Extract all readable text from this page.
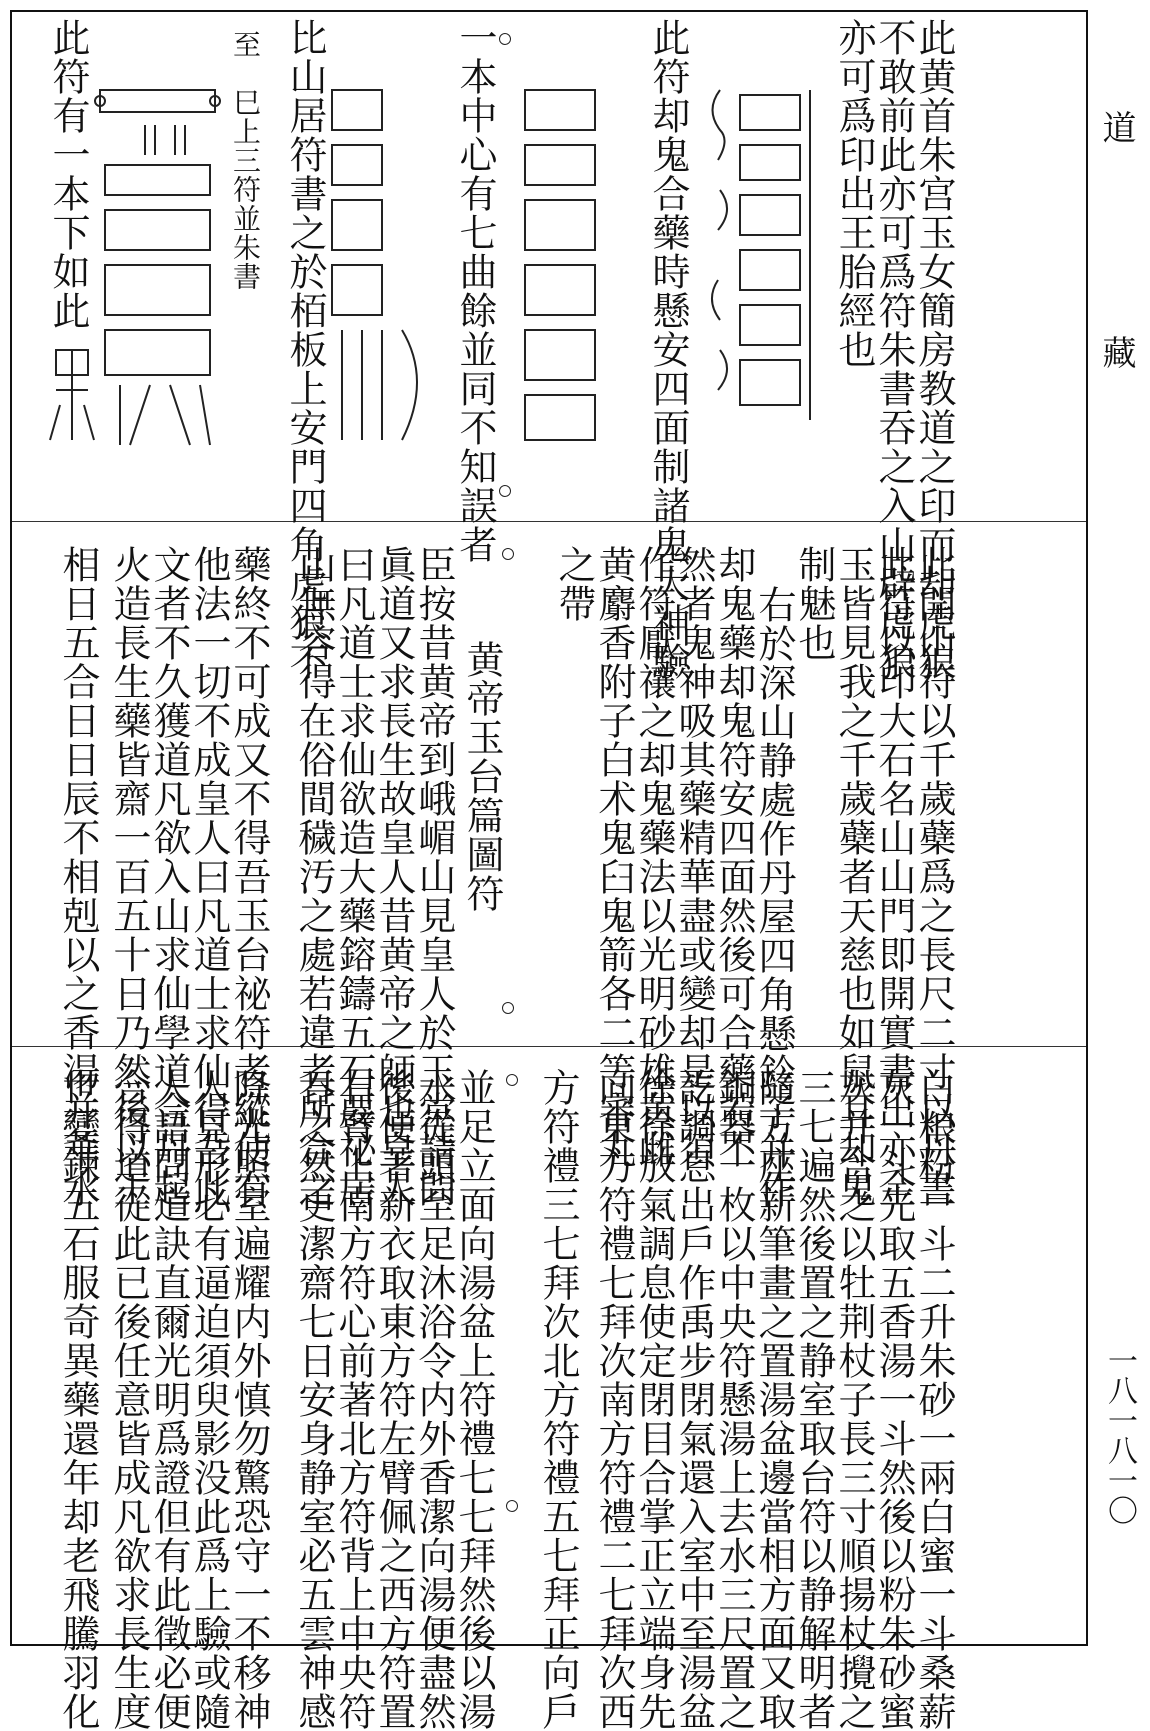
道
藏
一八一八一〇
此黄首朱宫玉女簡房教道之印而却虎狼
不敢前此亦可爲符朱書吞之入山辟虎狼
亦可爲印出王胎經也
此符却鬼合藥時懸安四面制諸鬼大神驗
一本中心有七曲餘並同不知誤者
比山居符書之於栢板上安門四角虎狼不
至　巳上三符並朱書
此符有一本下如此
此開山符以千歲蘗爲之長尺二寸以丹書
此符以印大石名山山門即開實書出亦金
玉皆見我之千歲蘗者天慈也如鼠耳却鬼
制魅也
右於深山静處作丹屋四角懸鈴子并作
却鬼藥却鬼符安四面然後可合藥若不
然者鬼神吸其藥精華盡或變却是以須
作符厭禳之却鬼藥法以光明砂雄黄雌
黄麝香附子白术鬼臼鬼箭各二等審丸
之帶
黄帝玉台篇圖符
臣按昔黄帝到峨嵋山見皇人於玉堂請問
眞道又求長生故皇人昔黄帝之師也皇人
曰凡道士求仙欲造大藥鎔鑄五石要祕居
山無容得在俗間穢汚之處若違者所合之
藥終不可成又不得吾玉台祕符者縱使有
他法一切不成皇人曰凡道士求仙得吾此
文者不久獲道凡欲入山求仙學道合丹起
火造長生藥皆齋一百五十日乃然後以王
相日五合日日辰不相剋以之香湯并華水
白粮粉一斗二升朱砂一兩白蜜一斗桑薪
灰一斗先取五香湯一斗然後以粉朱砂蜜
灰并合之以牡荆杖子長三寸順揚杖攪之
三七遍然後置之静室取台符以静解明者
隨方座新筆畫之置湯盆邊當相方面又取
銅器一枚以中央符懸湯上去水三尺置之
訖調息出戶作禹步閉氣還入室中至湯盆
徐徐放氣調息使定閉目合掌正立端身先
向東方符禮七拜次南方符禮二七拜次西
方符禮三七拜次北方符禮五七拜正向戶
並足立面向湯盆上符禮七七拜然後以湯
水從頭至足沐浴令内外香潔向湯便盡然
後便著新衣取東方符左臂佩之西方符置
右臂上南方符心前著北方符背上中央符
吞之然更潔齋七日安身静室必五雲神感
降光照室遍耀内外慎勿驚恐守一不移神
人見形必有逼迫須臾影没此爲上驗或隨
人語問道訣直爾光明爲證但有此徵必便
合得道從此已後任意皆成凡欲求長生度
世變鍊五石服奇異藥還年却老飛騰羽化
